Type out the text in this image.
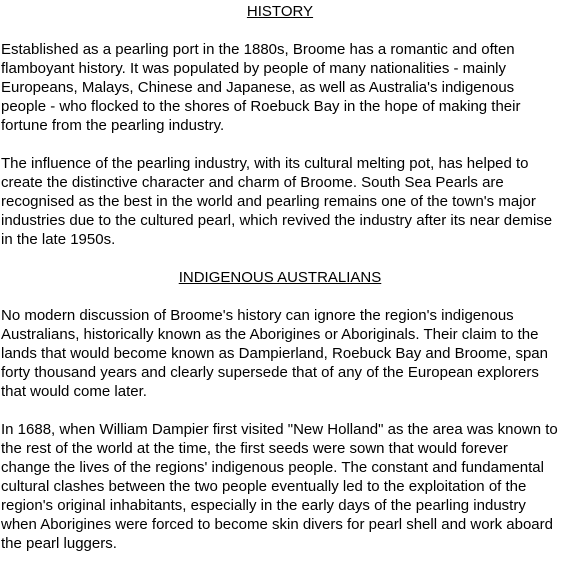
HISTORY

Established as a pearling port in the 1880s, Broome has a romantic and often flamboyant history. It was populated by people of many nationalities - mainly Europeans, Malays, Chinese and Japanese, as well as Australia's indigenous people - who flocked to the shores of Roebuck Bay in the hope of making their fortune from the pearling industry.

The influence of the pearling industry, with its cultural melting pot, has helped to create the distinctive character and charm of Broome. South Sea Pearls are recognised as the best in the world and pearling remains one of the town's major industries due to the cultured pearl, which revived the industry after its near demise in the late 1950s.

INDIGENOUS AUSTRALIANS

No modern discussion of Broome's history can ignore the region's indigenous Australians, historically known as the Aborigines or Aboriginals. Their claim to the lands that would become known as Dampierland, Roebuck Bay and Broome, span forty thousand years and clearly supersede that of any of the European explorers that would come later.

In 1688, when William Dampier first visited "New Holland" as the area was known to the rest of the world at the time, the first seeds were sown that would forever change the lives of the regions' indigenous people. The constant and fundamental cultural clashes between the two people eventually led to the exploitation of the region's original inhabitants, especially in the early days of the pearling industry when Aborigines were forced to become skin divers for pearl shell and work aboard the pearl luggers.
